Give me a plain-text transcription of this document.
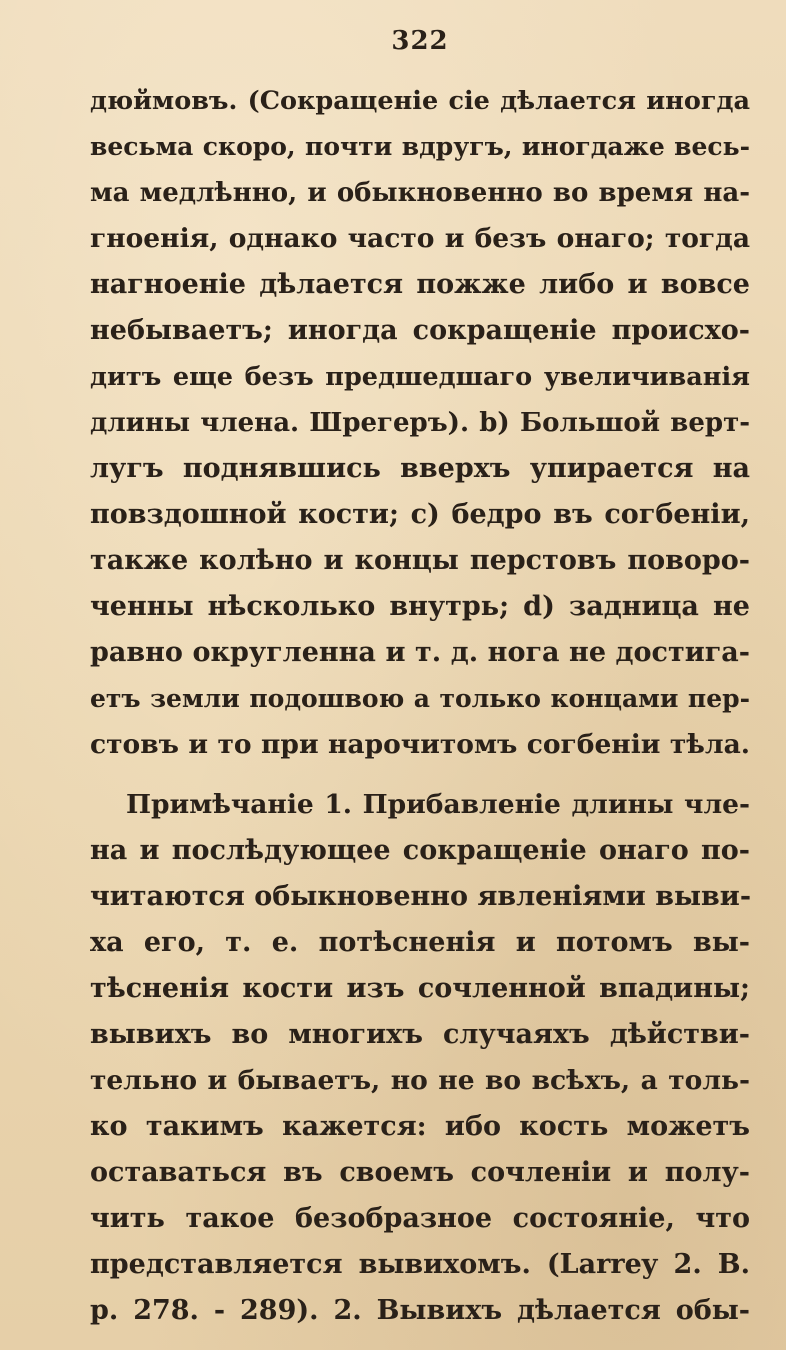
322
дюймовъ. (Сокращеніе сіе дѣлается иногда
весьма скоро, почти вдругъ, иногдаже весь-
ма медлѣнно, и обыкновенно во время на-
гноенія, однако часто и безъ онаго; тогда
нагноеніе дѣлается пожже либо и вовсе
небываетъ; иногда сокращеніе происхо-
дитъ еще безъ предшедшаго увеличиванія
длины члена. Шрегеръ). b) Большой верт-
лугъ поднявшись вверхъ упирается на
повздошной кости; c) бедро въ согбеніи,
также колѣно и концы перстовъ поворо-
ченны нѣсколько внутрь; d) задница не
равно округленна и т. д. нога не достига-
етъ земли подошвою а только концами пер-
стовъ и то при нарочитомъ согбеніи тѣла.
Примѣчаніе 1. Прибавленіе длины чле-
на и послѣдующее сокращеніе онаго по-
читаются обыкновенно явленіями выви-
ха его, т. е. потѣсненія и потомъ вы-
тѣсненія кости изъ сочленной впадины;
вывихъ во многихъ случаяхъ дѣйстви-
тельно и бываетъ, но не во всѣхъ, а толь-
ко такимъ кажется: ибо кость можетъ
оставаться въ своемъ сочленіи и полу-
чить такое безобразное состояніе, что
представляется вывихомъ. (Larrey 2. B.
p. 278. - 289). 2. Вывихъ дѣлается обы-
